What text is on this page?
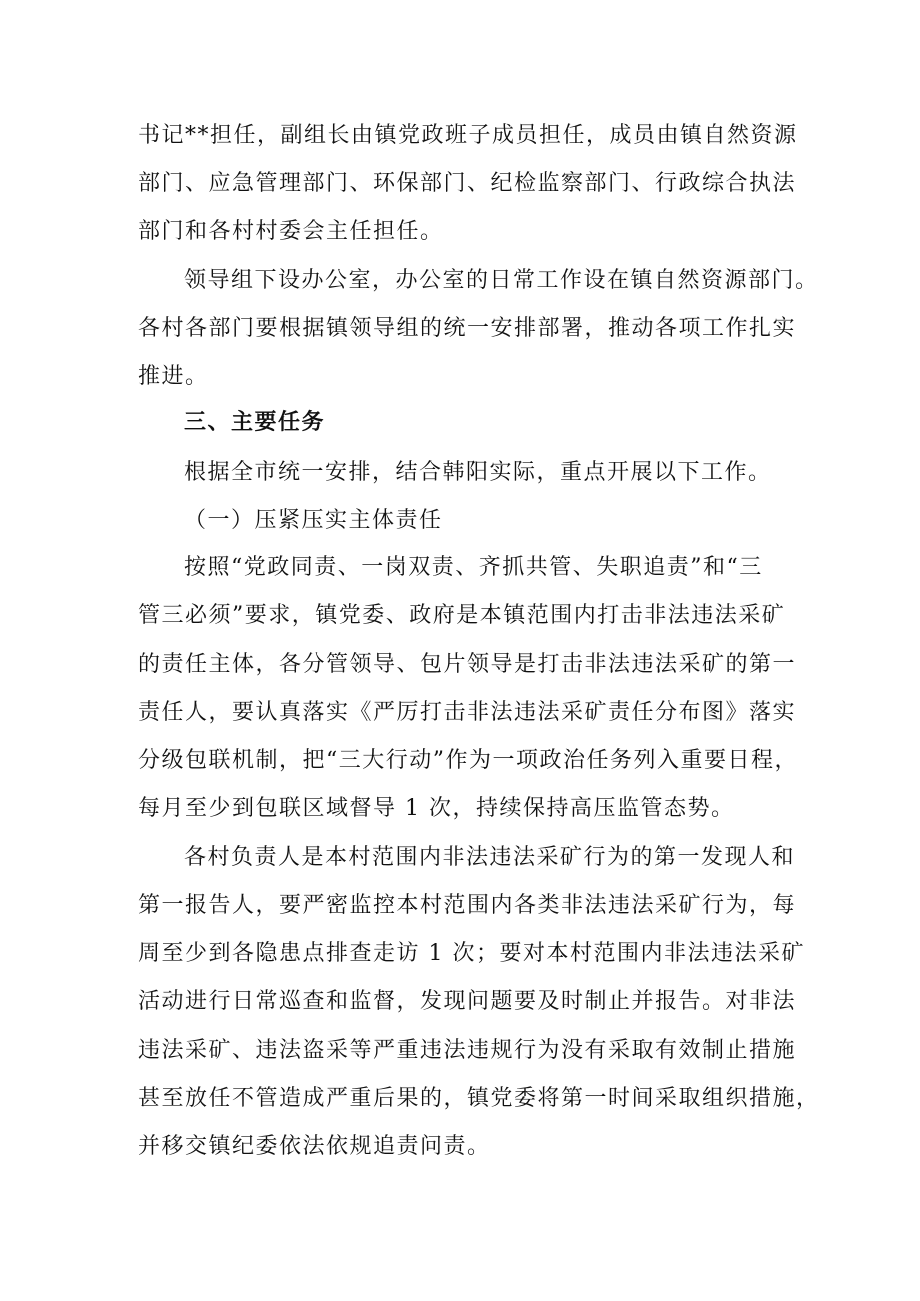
书记**担任，副组长由镇党政班子成员担任，成员由镇自然资源
部门、应急管理部门、环保部门、纪检监察部门、行政综合执法
部门和各村村委会主任担任。
领导组下设办公室，办公室的日常工作设在镇自然资源部门。
各村各部门要根据镇领导组的统一安排部署，推动各项工作扎实
推进。
三、主要任务
根据全市统一安排，结合韩阳实际，重点开展以下工作。
（一）压紧压实主体责任
按照“党政同责、一岗双责、齐抓共管、失职追责”和“三
管三必须”要求，镇党委、政府是本镇范围内打击非法违法采矿
的责任主体，各分管领导、包片领导是打击非法违法采矿的第一
责任人，要认真落实《严厉打击非法违法采矿责任分布图》落实
分级包联机制，把“三大行动”作为一项政治任务列入重要日程，
每月至少到包联区域督导 1 次，持续保持高压监管态势。
各村负责人是本村范围内非法违法采矿行为的第一发现人和
第一报告人，要严密监控本村范围内各类非法违法采矿行为，每
周至少到各隐患点排查走访 1 次；要对本村范围内非法违法采矿
活动进行日常巡查和监督，发现问题要及时制止并报告。对非法
违法采矿、违法盗采等严重违法违规行为没有采取有效制止措施
甚至放任不管造成严重后果的，镇党委将第一时间采取组织措施，
并移交镇纪委依法依规追责问责。
